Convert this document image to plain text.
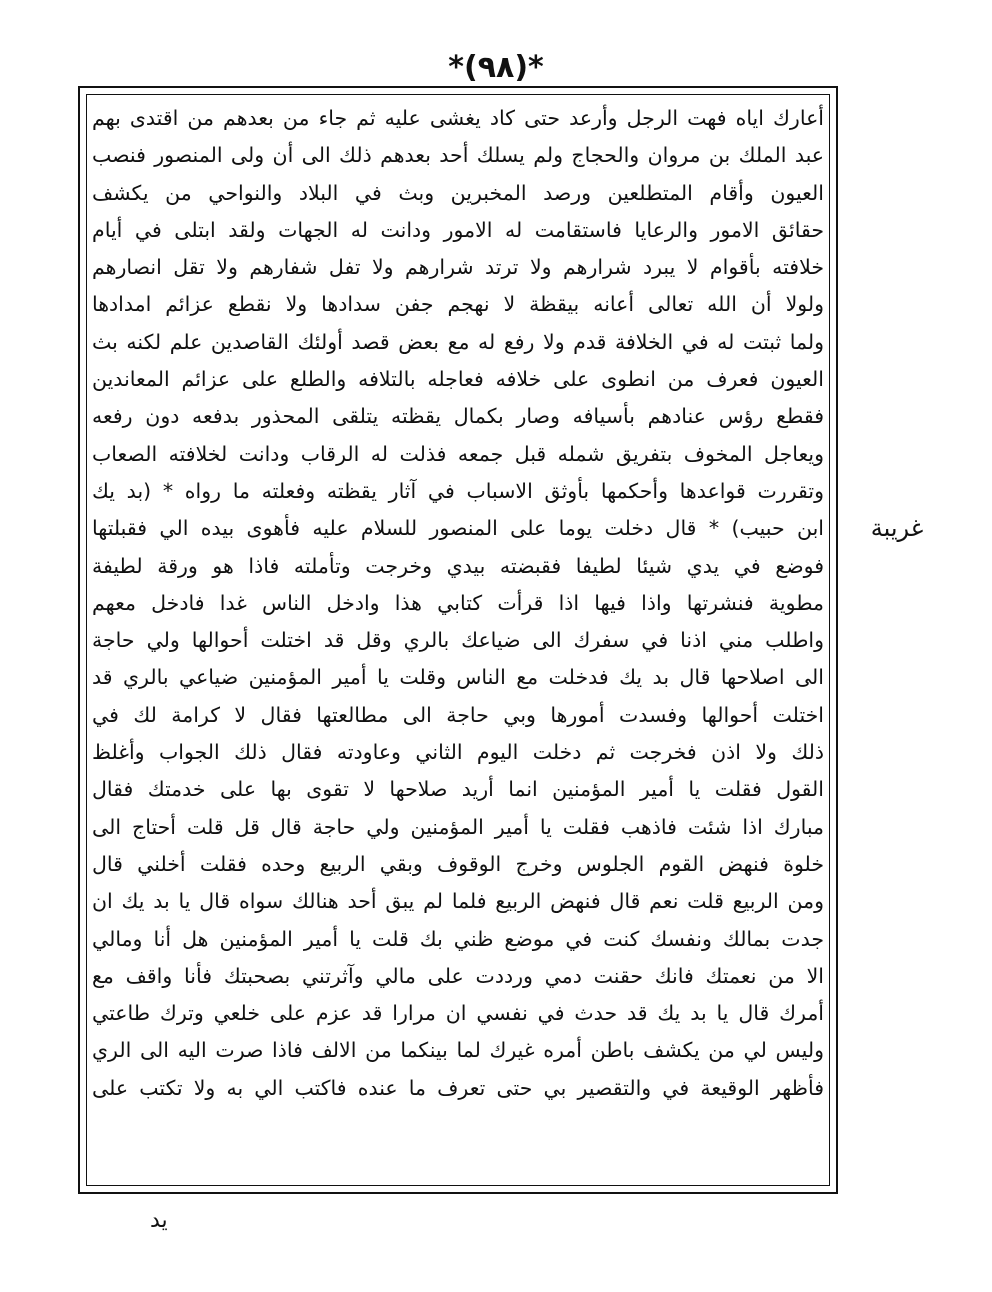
*(٩٨)*
أعارك اياه فهت الرجل وأرعد حتى كاد يغشى عليه ثم جاء من بعدهم من اقتدى بهم
عبد الملك بن مروان والحجاج ولم يسلك أحد بعدهم ذلك الى أن ولى المنصور فنصب
العيون وأقام المتطلعين ورصد المخبرين وبث في البلاد والنواحي من يكشف
حقائق الامور والرعايا فاستقامت له الامور ودانت له الجهات ولقد ابتلى في أيام
خلافته بأقوام لا يبرد شرارهم ولا ترتد شرارهم ولا تفل شفارهم ولا تقل انصارهم
ولولا أن الله تعالى أعانه بيقظة لا نهجم جفن سدادها ولا نقطع عزائم امدادها
ولما ثبتت له في الخلافة قدم ولا رفع له مع بعض قصد أولئك القاصدين علم لكنه بث
العيون فعرف من انطوى على خلافه فعاجله بالتلافه والطلع على عزائم المعاندين
فقطع رؤس عنادهم بأسيافه وصار بكمال يقظته يتلقى المحذور بدفعه دون رفعه
ويعاجل المخوف بتفريق شمله قبل جمعه فذلت له الرقاب ودانت لخلافته الصعاب
وتقررت قواعدها وأحكمها بأوثق الاسباب في آثار يقظته وفعلته ما رواه * (بد يك
ابن حبيب) * قال دخلت يوما على المنصور للسلام عليه فأهوى بيده الي فقبلتها
فوضع في يدي شيئا لطيفا فقبضته بيدي وخرجت وتأملته فاذا هو ورقة لطيفة
مطوية فنشرتها واذا فيها اذا قرأت كتابي هذا وادخل الناس غدا فادخل معهم
واطلب مني اذنا في سفرك الى ضياعك بالري وقل قد اختلت أحوالها ولي حاجة
الى اصلاحها قال بد يك فدخلت مع الناس وقلت يا أمير المؤمنين ضياعي بالري قد
اختلت أحوالها وفسدت أمورها وبي حاجة الى مطالعتها فقال لا كرامة لك في
ذلك ولا اذن فخرجت ثم دخلت اليوم الثاني وعاودته فقال ذلك الجواب وأغلظ
القول فقلت يا أمير المؤمنين انما أريد صلاحها لا تقوى بها على خدمتك فقال
مبارك اذا شئت فاذهب فقلت يا أمير المؤمنين ولي حاجة قال قل قلت أحتاج الى
خلوة فنهض القوم الجلوس وخرج الوقوف وبقي الربيع وحده فقلت أخلني قال
ومن الربيع قلت نعم قال فنهض الربيع فلما لم يبق أحد هنالك سواه قال يا بد يك ان
جدت بمالك ونفسك كنت في موضع ظني بك قلت يا أمير المؤمنين هل أنا ومالي
الا من نعمتك فانك حقنت دمي ورددت على مالي وآثرتني بصحبتك فأنا واقف مع
أمرك قال يا بد يك قد حدث في نفسي ان مرارا قد عزم على خلعي وترك طاعتي
وليس لي من يكشف باطن أمره غيرك لما بينكما من الالف فاذا صرت اليه الى الري
فأظهر الوقيعة في والتقصير بي حتى تعرف ما عنده فاكتب الي به ولا تكتب على
غريبة
يد
